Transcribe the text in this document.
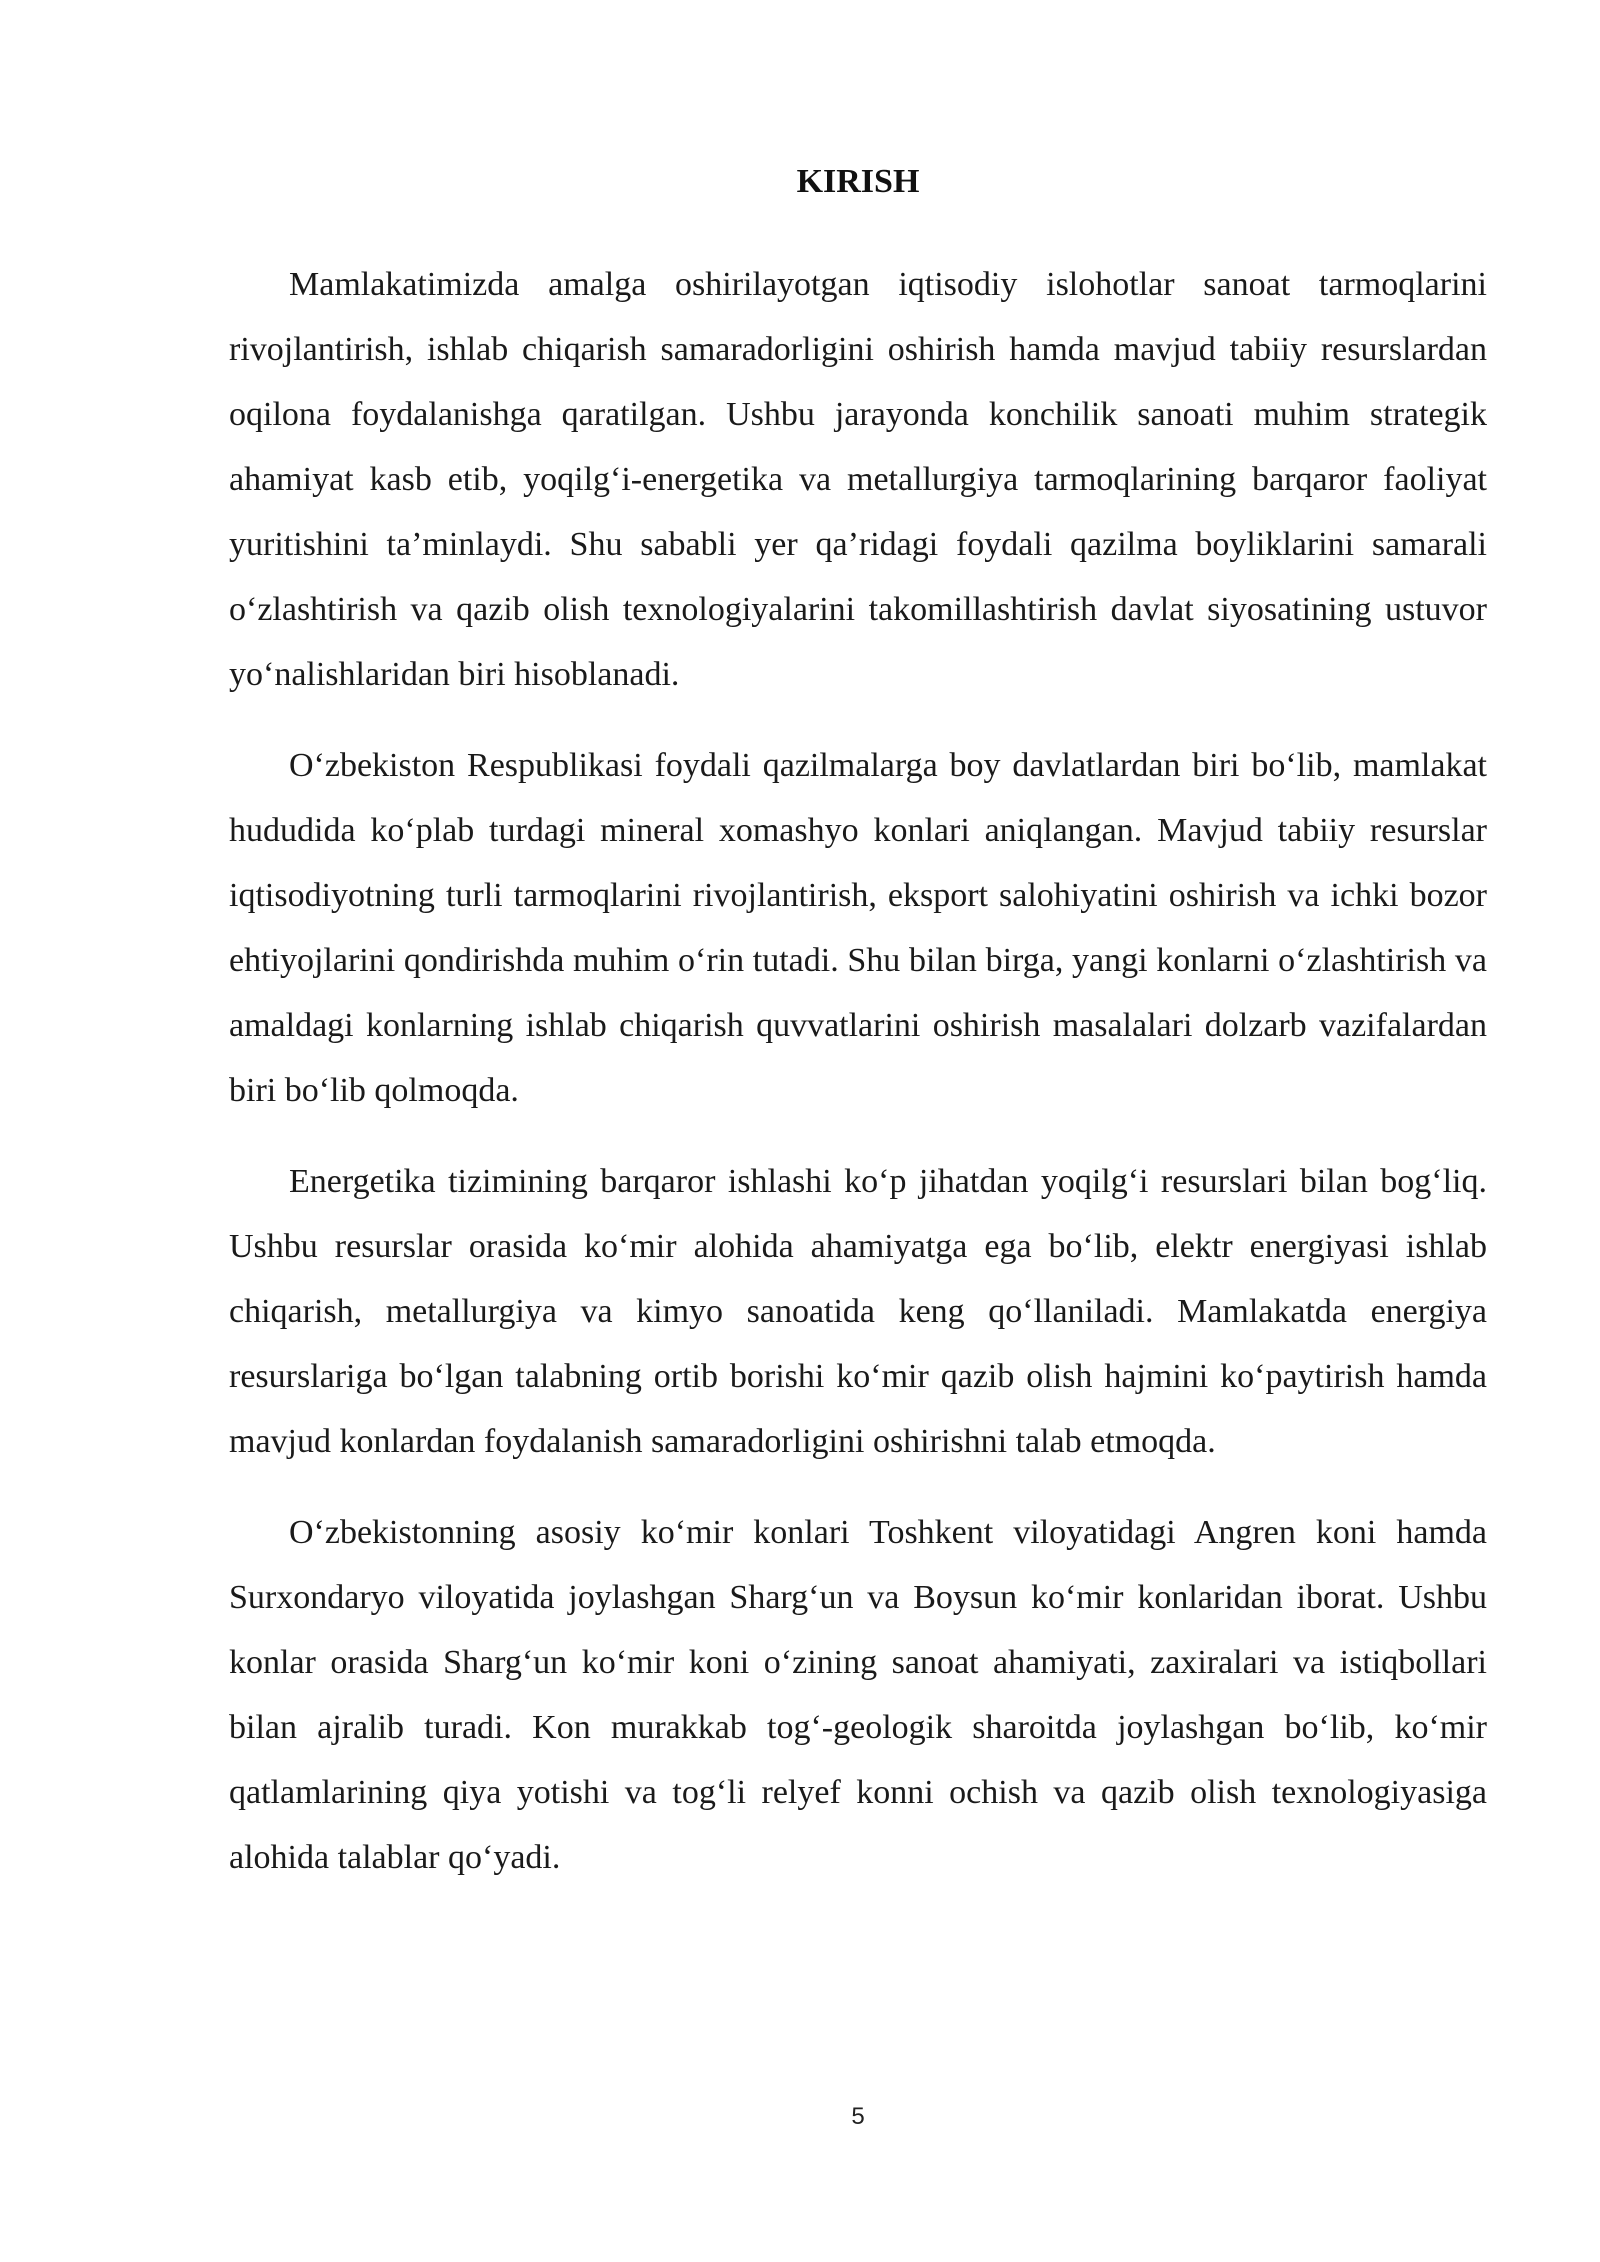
KIRISH

Mamlakatimizda amalga oshirilayotgan iqtisodiy islohotlar sanoat tarmoqlarini rivojlantirish, ishlab chiqarish samaradorligini oshirish hamda mavjud tabiiy resurslardan oqilona foydalanishga qaratilgan. Ushbu jarayonda konchilik sanoati muhim strategik ahamiyat kasb etib, yoqilg‘i-energetika va metallurgiya tarmoqlarining barqaror faoliyat yuritishini ta’minlaydi. Shu sababli yer qa’ridagi foydali qazilma boyliklarini samarali o‘zlashtirish va qazib olish texnologiyalarini takomillashtirish davlat siyosatining ustuvor yo‘nalishlaridan biri hisoblanadi.

O‘zbekiston Respublikasi foydali qazilmalarga boy davlatlardan biri bo‘lib, mamlakat hududida ko‘plab turdagi mineral xomashyo konlari aniqlangan. Mavjud tabiiy resurslar iqtisodiyotning turli tarmoqlarini rivojlantirish, eksport salohiyatini oshirish va ichki bozor ehtiyojlarini qondirishda muhim o‘rin tutadi. Shu bilan birga, yangi konlarni o‘zlashtirish va amaldagi konlarning ishlab chiqarish quvvatlarini oshirish masalalari dolzarb vazifalardan biri bo‘lib qolmoqda.

Energetika tizimining barqaror ishlashi ko‘p jihatdan yoqilg‘i resurslari bilan bog‘liq. Ushbu resurslar orasida ko‘mir alohida ahamiyatga ega bo‘lib, elektr energiyasi ishlab chiqarish, metallurgiya va kimyo sanoatida keng qo‘llaniladi. Mamlakatda energiya resurslariga bo‘lgan talabning ortib borishi ko‘mir qazib olish hajmini ko‘paytirish hamda mavjud konlardan foydalanish samaradorligini oshirishni talab etmoqda.

O‘zbekistonning asosiy ko‘mir konlari Toshkent viloyatidagi Angren koni hamda Surxondaryo viloyatida joylashgan Sharg‘un va Boysun ko‘mir konlaridan iborat. Ushbu konlar orasida Sharg‘un ko‘mir koni o‘zining sanoat ahamiyati, zaxiralari va istiqbollari bilan ajralib turadi. Kon murakkab tog‘-geologik sharoitda joylashgan bo‘lib, ko‘mir qatlamlarining qiya yotishi va tog‘li relyef konni ochish va qazib olish texnologiyasiga alohida talablar qo‘yadi.

5
